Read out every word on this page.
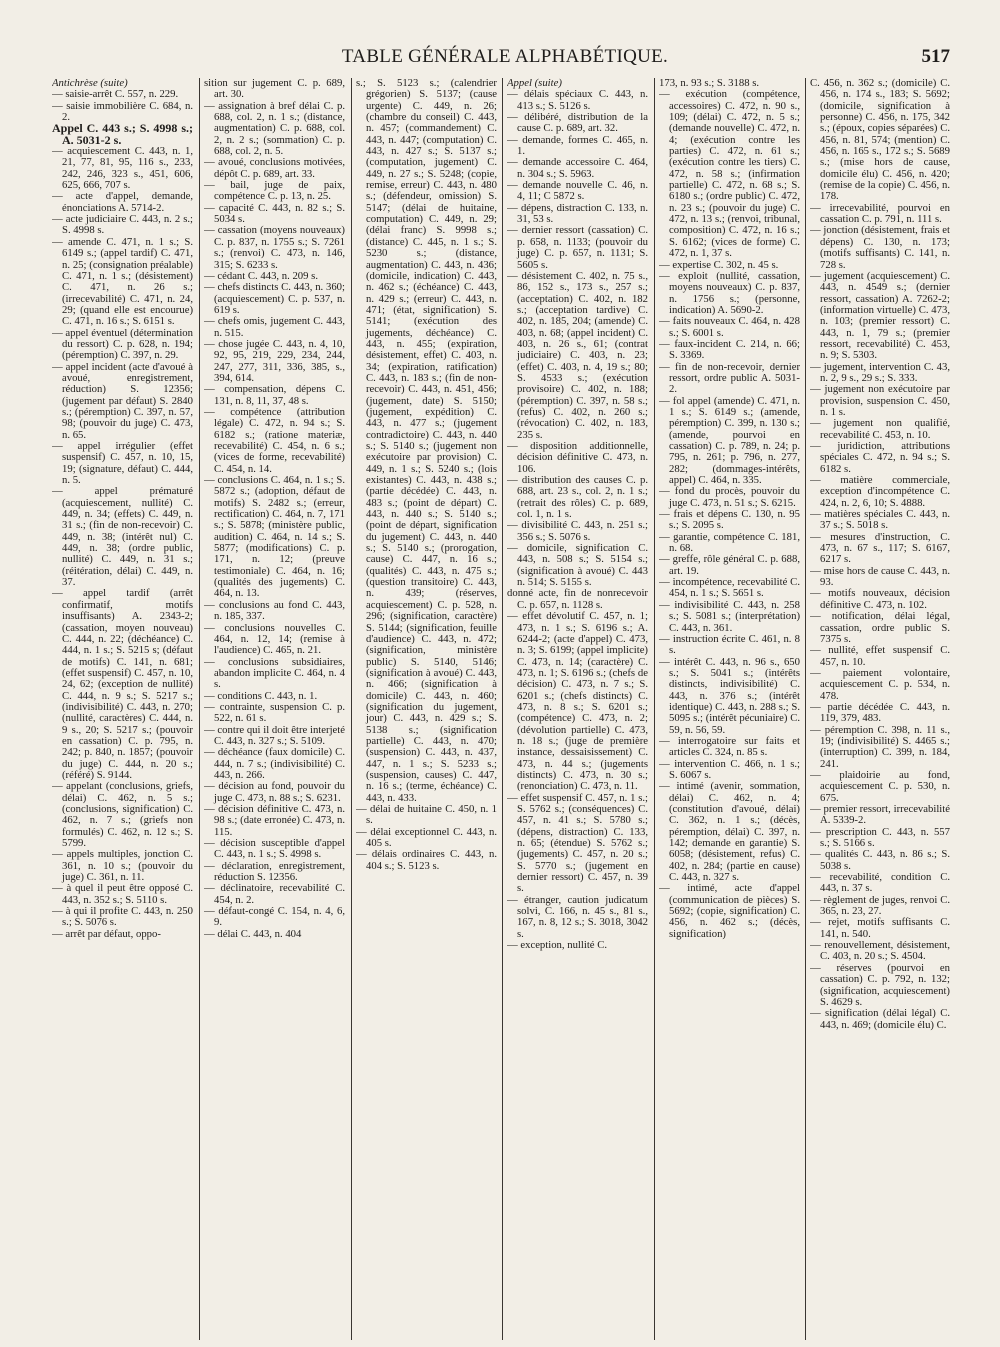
TABLE GÉNÉRALE ALPHABÉTIQUE.	517
Antichrèse (suite)
— saisie-arrêt C. 557, n. 229.
— saisie immobilière C. 684, n. 2.
Appel C. 443 s.; S. 4998 s.; A. 5031-2 s.
— acquiescement C. 443, n. 1, 21, 77, 81, 95, 116 s., 233, 242, 246, 323 s., 451, 606, 625, 666, 707 s.
— acte d'appel, demande, énonciations A. 5714-2.
— acte judiciaire C. 443, n. 2 s.; S. 4998 s.
— amende C. 471, n. 1 s.; S. 6149 s.; (appel tardif) C. 471, n. 25; (consignation préalable) C. 471, n. 1 s.; (désistement) C. 471, n. 26 s.; (irrecevabilité) C. 471, n. 24, 29; (quand elle est encourue) C. 471, n. 16 s.; S. 6151 s.
— appel éventuel (détermination du ressort) C. p. 628, n. 194; (péremption) C. 397, n. 29.
— appel incident (acte d'avoué à avoué, enregistrement, réduction) S. 12356; (jugement par défaut) S. 2840 s.; (péremption) C. 397, n. 57, 98; (pouvoir du juge) C. 473, n. 65.
— appel irrégulier (effet suspensif) C. 457, n. 10, 15, 19; (signature, défaut) C. 444, n. 5.
— appel prématuré (acquiescement, nullité) C. 449, n. 34; (effets) C. 449, n. 31 s.; (fin de non-recevoir) C. 449, n. 38; (intérêt nul) C. 449, n. 38; (ordre public, nullité) C. 449, n. 31 s.; (réitération, délai) C. 449, n. 37.
— appel tardif (arrêt confirmatif, motifs insuffisants) A. 2343-2; (cassation, moyen nouveau) C. 444, n. 22; (déchéance) C. 444, n. 1 s.; S. 5215 s; (défaut de motifs) C. 141, n. 681; (effet suspensif) C. 457, n. 10, 24, 62; (exception de nullité) C. 444, n. 9 s.; S. 5217 s.; (indivisibilité) C. 443, n. 270; (nullité, caractères) C. 444, n. 9 s., 20; S. 5217 s.; (pouvoir en cassation) C. p. 795, n. 242; p. 840, n. 1857; (pouvoir du juge) C. 444, n. 20 s.; (référé) S. 9144.
— appelant (conclusions, griefs, délai) C. 462, n. 5 s.; (conclusions, signification) C. 462, n. 7 s.; (griefs non formulés) C. 462, n. 12 s.; S. 5799.
— appels multiples, jonction C. 361, n. 10 s.; (pouvoir du juge) C. 361, n. 11.
— à quel il peut être opposé C. 443, n. 352 s.; S. 5110 s.
— à qui il profite C. 443, n. 250 s.; S. 5076 s.
— arrêt par défaut, oppo-
sition sur jugement C. p. 689, art. 30.
— assignation à bref délai C. p. 688, col. 2, n. 1 s.; (distance, augmentation) C. p. 688, col. 2, n. 2 s.; (sommation) C. p. 688, col. 2, n. 5.
— avoué, conclusions motivées, dépôt C. p. 689, art. 33.
— bail, juge de paix, compétence C. p. 13, n. 25.
— capacité C. 443, n. 82 s.; S. 5034 s.
— cassation (moyens nouveaux) C. p. 837, n. 1755 s.; S. 7261 s.; (renvoi) C. 473, n. 146, 315; S. 6233 s.
— cédant C. 443, n. 209 s.
— chefs distincts C. 443, n. 360; (acquiescement) C. p. 537, n. 619 s.
— chefs omis, jugement C. 443, n. 515.
— chose jugée C. 443, n. 4, 10, 92, 95, 219, 229, 234, 244, 247, 277, 311, 336, 385, s., 394, 614.
— compensation, dépens C. 131, n. 8, 11, 37, 48 s.
— compétence (attribution légale) C. 472, n. 94 s.; S. 6182 s.; (ratione materiæ, recevabilité) C. 454, n. 6 s.; (vices de forme, recevabilité) C. 454, n. 14.
— conclusions C. 464, n. 1 s.; S. 5872 s.; (adoption, défaut de motifs) S. 2482 s.; (erreur, rectification) C. 464, n. 7, 171 s.; S. 5878; (ministère public, audition) C. 464, n. 14 s.; S. 5877; (modifications) C. p. 171, n. 12; (preuve testimoniale) C. 464, n. 16; (qualités des jugements) C. 464, n. 13.
— conclusions au fond C. 443, n. 185, 337.
— conclusions nouvelles C. 464, n. 12, 14; (remise à l'audience) C. 465, n. 21.
— conclusions subsidiaires, abandon implicite C. 464, n. 4 s.
— conditions C. 443, n. 1.
— contrainte, suspension C. p. 522, n. 61 s.
— contre qui il doit être interjeté C. 443, n. 327 s.; S. 5109.
— déchéance (faux domicile) C. 444, n. 7 s.; (indivisibilité) C. 443, n. 266.
— décision au fond, pouvoir du juge C. 473, n. 88 s.; S. 6231.
— décision définitive C. 473, n. 98 s.; (date erronée) C. 473, n. 115.
— décision susceptible d'appel C. 443, n. 1 s.; S. 4998 s.
— déclaration, enregistrement, réduction S. 12356.
— déclinatoire, recevabilité C. 454, n. 2.
— défaut-congé C. 154, n. 4, 6, 9.
— délai C. 443, n. 404
s.; S. 5123 s.; (calendrier grégorien) S. 5137; (cause urgente) C. 449, n. 26; (chambre du conseil) C. 443, n. 457; (commandement) C. 443, n. 447; (computation) C. 443, n. 427 s.; S. 5137 s.; (computation, jugement) C. 449, n. 27 s.; S. 5248; (copie, remise, erreur) C. 443, n. 480 s.; (défendeur, omission) S. 5147; (délai de huitaine, computation) C. 449, n. 29; (délai franc) S. 9998 s.; (distance) C. 445, n. 1 s.; S. 5230 s.; (distance, augmentation) C. 443, n. 436; (domicile, indication) C. 443, n. 462 s.; (échéance) C. 443, n. 429 s.; (erreur) C. 443, n. 471; (état, signification) S. 5141; (exécution des jugements, déchéance) C. 443, n. 455; (expiration, désistement, effet) C. 403, n. 34; (expiration, ratification) C. 443, n. 183 s.; (fin de non-recevoir) C. 443, n. 451, 456; (jugement, date) S. 5150; (jugement, expédition) C. 443, n. 477 s.; (jugement contradictoire) C. 443, n. 440 s.; S. 5140 s.; (jugement non exécutoire par provision) C. 449, n. 1 s.; S. 5240 s.; (lois existantes) C. 443, n. 438 s.; (partie décédée) C. 443, n. 483 s.; (point de départ) C. 443, n. 440 s.; S. 5140 s.; (point de départ, signification du jugement) C. 443, n. 440 s.; S. 5140 s.; (prorogation, cause) C. 447, n. 16 s.; (qualités) C. 443, n. 475 s.; (question transitoire) C. 443, n. 439; (réserves, acquiescement) C. p. 528, n. 296; (signification, caractère) S. 5144; (signification, feuille d'audience) C. 443, n. 472; (signification, ministère public) S. 5140, 5146; (signification à avoué) C. 443, n. 466; (signification à domicile) C. 443, n. 460; (signification du jugement, jour) C. 443, n. 429 s.; S. 5138 s.; (signification partielle) C. 443, n. 470; (suspension) C. 443, n. 437, 447, n. 1 s.; S. 5233 s.; (suspension, causes) C. 447, n. 16 s.; (terme, échéance) C. 443, n. 433.
— délai de huitaine C. 450, n. 1 s.
— délai exceptionnel C. 443, n. 405 s.
— délais ordinaires C. 443, n. 404 s.; S. 5123 s.
Appel (suite)
— délais spéciaux C. 443, n. 413 s.; S. 5126 s.
— délibéré, distribution de la cause C. p. 689, art. 32.
— demande, formes C. 465, n. 1.
— demande accessoire C. 464, n. 304 s.; S. 5963.
— demande nouvelle C. 46, n. 4, 11; C 5872 s.
— dépens, distraction C. 133, n. 31, 53 s.
— dernier ressort (cassation) C. p. 658, n. 1133; (pouvoir du juge) C. p. 657, n. 1131; S. 5605 s.
— désistement C. 402, n. 75 s., 86, 152 s., 173 s., 257 s.; (acceptation) C. 402, n. 182 s.; (acceptation tardive) C. 402, n. 185, 204; (amende) C. 403, n. 68; (appel incident) C. 403, n. 26 s., 61; (contrat judiciaire) C. 403, n. 23; (effet) C. 403, n. 4, 19 s.; 80; S. 4533 s.; (exécution provisoire) C. 402, n. 188; (péremption) C. 397, n. 58 s.; (refus) C. 402, n. 260 s.; (révocation) C. 402, n. 183, 235 s.
— disposition additionnelle, décision définitive C. 473, n. 106.
— distribution des causes C. p. 688, art. 23 s., col. 2, n. 1 s.; (retrait des rôles) C. p. 689, col. 1, n. 1 s.
— divisibilité C. 443, n. 251 s.; 356 s.; S. 5076 s.
— domicile, signification C. 443, n. 508 s.; S. 5154 s.; (signification à avoué) C. 443 n. 514; S. 5155 s.
donné acte, fin de nonrecevoir C. p. 657, n. 1128 s.
— effet dévolutif C. 457, n. 1; 473, n. 1 s.; S. 6196 s.; A. 6244-2; (acte d'appel) C. 473, n. 3; S. 6199; (appel implicite) C. 473, n. 14; (caractère) C. 473, n. 1; S. 6196 s.; (chefs de décision) C. 473, n. 7 s.; S. 6201 s.; (chefs distincts) C. 473, n. 8 s.; S. 6201 s.; (compétence) C. 473, n. 2; (dévolution partielle) C. 473, n. 18 s.; (juge de première instance, dessaisissement) C. 473, n. 44 s.; (jugements distincts) C. 473, n. 30 s.; (renonciation) C. 473, n. 11.
— effet suspensif C. 457, n. 1 s.; S. 5762 s.; (conséquences) C. 457, n. 41 s.; S. 5780 s.; (dépens, distraction) C. 133, n. 65; (étendue) S. 5762 s.; (jugements) C. 457, n. 20 s.; S. 5770 s.; (jugement en dernier ressort) C. 457, n. 39 s.
— étranger, caution judicatum solvi, C. 166, n. 45 s., 81 s., 167, n. 8, 12 s.; S. 3018, 3042 s.
— exception, nullité C.
173, n. 93 s.; S. 3188 s.
— exécution (compétence, accessoires) C. 472, n. 90 s., 109; (délai) C. 472, n. 5 s.; (demande nouvelle) C. 472, n. 4; (exécution contre les parties) C. 472, n. 61 s.; (exécution contre les tiers) C. 472, n. 58 s.; (infirmation partielle) C. 472, n. 68 s.; S. 6180 s.; (ordre public) C. 472, n. 23 s.; (pouvoir du juge) C. 472, n. 13 s.; (renvoi, tribunal, composition) C. 472, n. 16 s.; S. 6162; (vices de forme) C. 472, n. 1, 37 s.
— expertise C. 302, n. 45 s.
— exploit (nullité, cassation, moyens nouveaux) C. p. 837, n. 1756 s.; (personne, indication) A. 5690-2.
— faits nouveaux C. 464, n. 428 s.; S. 6001 s.
— faux-incident C. 214, n. 66; S. 3369.
— fin de non-recevoir, dernier ressort, ordre public A. 5031-2.
— fol appel (amende) C. 471, n. 1 s.; S. 6149 s.; (amende, péremption) C. 399, n. 130 s.; (amende, pourvoi en cassation) C. p. 789, n. 24; p. 795, n. 261; p. 796, n. 277, 282; (dommages-intérêts, appel) C. 464, n. 335.
— fond du procès, pouvoir du juge C. 473, n. 51 s.; S. 6215.
— frais et dépens C. 130, n. 95 s.; S. 2095 s.
— garantie, compétence C. 181, n. 68.
— greffe, rôle général C. p. 688, art. 19.
— incompétence, recevabilité C. 454, n. 1 s.; S. 5651 s.
— indivisibilité C. 443, n. 258 s.; S. 5081 s.; (interprétation) C. 443, n. 361.
— instruction écrite C. 461, n. 8 s.
— intérêt C. 443, n. 96 s., 650 s.; S. 5041 s.; (intérêts distincts, indivisibilité) C. 443, n. 376 s.; (intérêt identique) C. 443, n. 288 s.; S. 5095 s.; (intérêt pécuniaire) C. 59, n. 56, 59.
— interrogatoire sur faits et articles C. 324, n. 85 s.
— intervention C. 466, n. 1 s.; S. 6067 s.
— intimé (avenir, sommation, délai) C. 462, n. 4; (constitution d'avoué, délai) C. 362, n. 1 s.; (décès, péremption, délai) C. 397, n. 142; demande en garantie) S. 6058; (désistement, refus) C. 402, n. 284; (partie en cause) C. 443, n. 327 s.
— intimé, acte d'appel (communication de pièces) S. 5692; (copie, signification) C. 456, n. 462 s.; (décès, signification)
C. 456, n. 362 s.; (domicile) C. 456, n. 174 s., 183; S. 5692; (domicile, signification à personne) C. 456, n. 175, 342 s.; (époux, copies séparées) C. 456, n. 81, 574; (mention) C. 456, n. 165 s., 172 s.; S. 5689 s.; (mise hors de cause, domicile élu) C. 456, n. 420; (remise de la copie) C. 456, n. 178.
— irrecevabilité, pourvoi en cassation C. p. 791, n. 111 s.
— jonction (désistement, frais et dépens) C. 130, n. 173; (motifs suffisants) C. 141, n. 728 s.
— jugement (acquiescement) C. 443, n. 4549 s.; (dernier ressort, cassation) A. 7262-2; (information virtuelle) C. 473, n. 103; (premier ressort) C. 443, n. 1, 79 s.; (premier ressort, recevabilité) C. 453, n. 9; S. 5303.
— jugement, intervention C. 43, n. 2, 9 s., 29 s.; S. 333.
— jugement non exécutoire par provision, suspension C. 450, n. 1 s.
— jugement non qualifié, recevabilité C. 453, n. 10.
— juridiction, attributions spéciales C. 472, n. 94 s.; S. 6182 s.
— matière commerciale, exception d'incompétence C. 424, n. 2, 6, 10; S. 4888.
— matières spéciales C. 443, n. 37 s.; S. 5018 s.
— mesures d'instruction, C. 473, n. 67 s., 117; S. 6167, 6217 s.
— mise hors de cause C. 443, n. 93.
— motifs nouveaux, décision définitive C. 473, n. 102.
— notification, délai légal, cassation, ordre public S. 7375 s.
— nullité, effet suspensif C. 457, n. 10.
— paiement volontaire, acquiescement C. p. 534, n. 478.
— partie décédée C. 443, n. 119, 379, 483.
— péremption C. 398, n. 11 s., 19; (indivisibilité) S. 4465 s.; (interruption) C. 399, n. 184, 241.
— plaidoirie au fond, acquiescement C. p. 530, n. 675.
— premier ressort, irrecevabilité A. 5339-2.
— prescription C. 443, n. 557 s.; S. 5166 s.
— qualités C. 443, n. 86 s.; S. 5038 s.
— recevabilité, condition C. 443, n. 37 s.
— règlement de juges, renvoi C. 365, n. 23, 27.
— rejet, motifs suffisants C. 141, n. 540.
— renouvellement, désistement, C. 403, n. 20 s.; S. 4504.
— réserves (pourvoi en cassation) C. p. 792, n. 132; (signification, acquiescement) S. 4629 s.
— signification (délai légal) C. 443, n. 469; (domicile élu) C.
